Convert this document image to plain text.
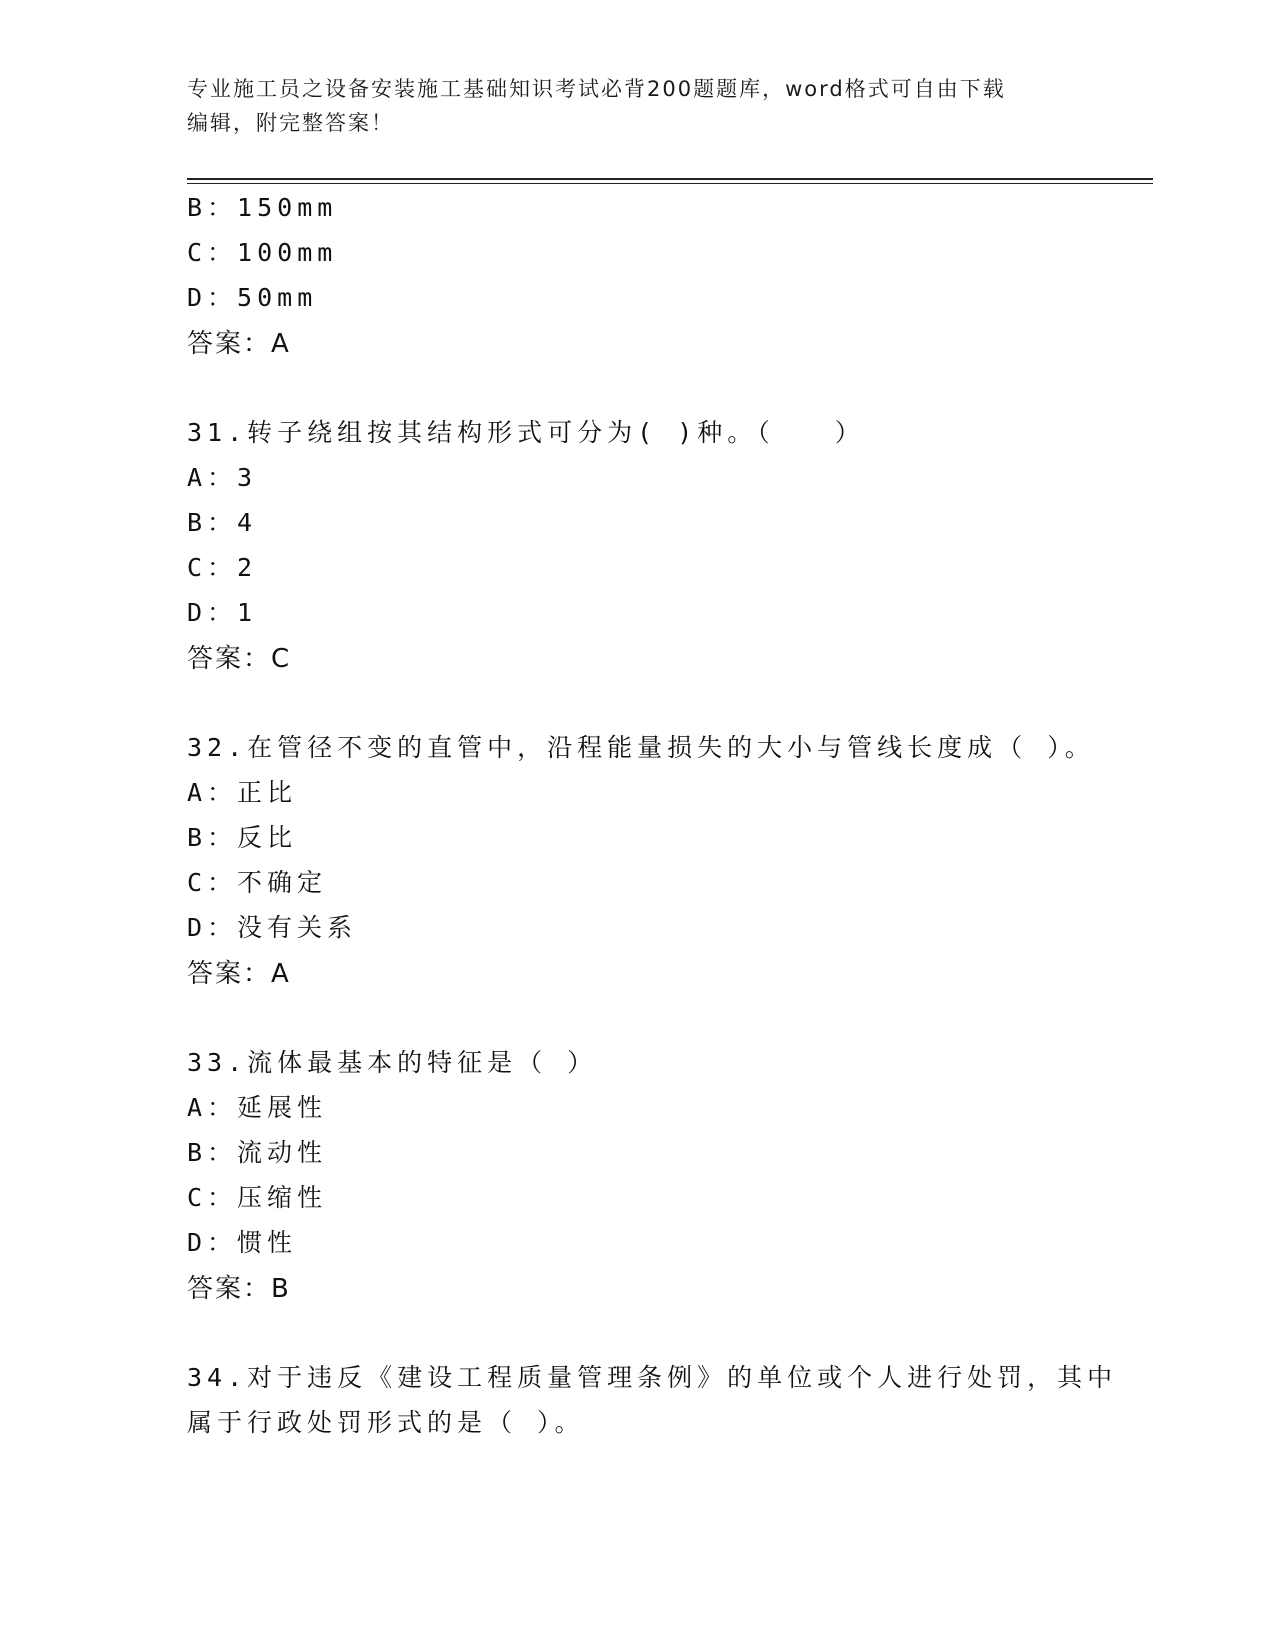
专业施工员之设备安装施工基础知识考试必背200题题库，word格式可自由下载
编辑，附完整答案！
B：150mm
C：100mm
D：50mm
答案：A
31.转子绕组按其结构形式可分为( )种。（　　）
A：3
B：4
C：2
D：1
答案：C
32.在管径不变的直管中，沿程能量损失的大小与管线长度成（ ）。
A：正比
B：反比
C：不确定
D：没有关系
答案：A
33.流体最基本的特征是（ ）
A：延展性
B：流动性
C：压缩性
D：惯性
答案：B
34.对于违反《建设工程质量管理条例》的单位或个人进行处罚，其中
属于行政处罚形式的是（ ）。
